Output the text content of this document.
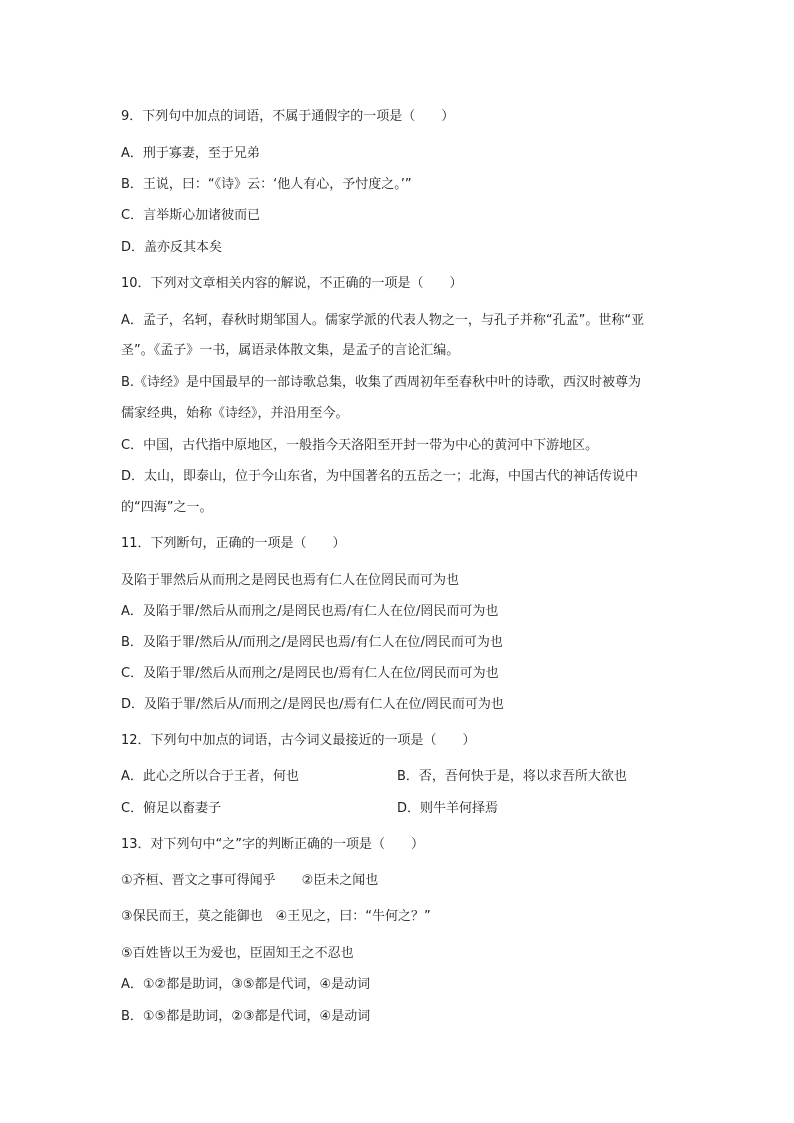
9．下列句中加点的词语，不属于通假字的一项是（　　）
A．刑于寡妻，至于兄弟
B．王说，曰：“《诗》云：‘他人有心，予忖度之。’”
C．言举斯心加诸彼而已
D．盖亦反其本矣
10．下列对文章相关内容的解说，不正确的一项是（　　）
A．孟子，名轲，春秋时期邹国人。儒家学派的代表人物之一，与孔子并称“孔孟”。世称“亚
圣”。《孟子》一书，属语录体散文集，是孟子的言论汇编。
B.《诗经》是中国最早的一部诗歌总集，收集了西周初年至春秋中叶的诗歌，西汉时被尊为
儒家经典，始称《诗经》，并沿用至今。
C．中国，古代指中原地区，一般指今天洛阳至开封一带为中心的黄河中下游地区。
D．太山，即泰山，位于今山东省，为中国著名的五岳之一；北海，中国古代的神话传说中
的“四海”之一。
11．下列断句，正确的一项是（　　）
及陷于罪然后从而刑之是罔民也焉有仁人在位罔民而可为也
A．及陷于罪/然后从而刑之/是罔民也焉/有仁人在位/罔民而可为也
B．及陷于罪/然后从/而刑之/是罔民也焉/有仁人在位/罔民而可为也
C．及陷于罪/然后从而刑之/是罔民也/焉有仁人在位/罔民而可为也
D．及陷于罪/然后从/而刑之/是罔民也/焉有仁人在位/罔民而可为也
12．下列句中加点的词语，古今词义最接近的一项是（　　）
A．此心之所以合于王者，何也	B．否，吾何快于是，将以求吾所大欲也
C．俯足以畜妻子	D．则牛羊何择焉
13．对下列句中“之”字的判断正确的一项是（　　）
①齐桓、晋文之事可得闻乎　　②臣未之闻也
③保民而王，莫之能御也　④王见之，曰：“牛何之？”
⑤百姓皆以王为爱也，臣固知王之不忍也
A．①②都是助词，③⑤都是代词，④是动词
B．①⑤都是助词，②③都是代词，④是动词
